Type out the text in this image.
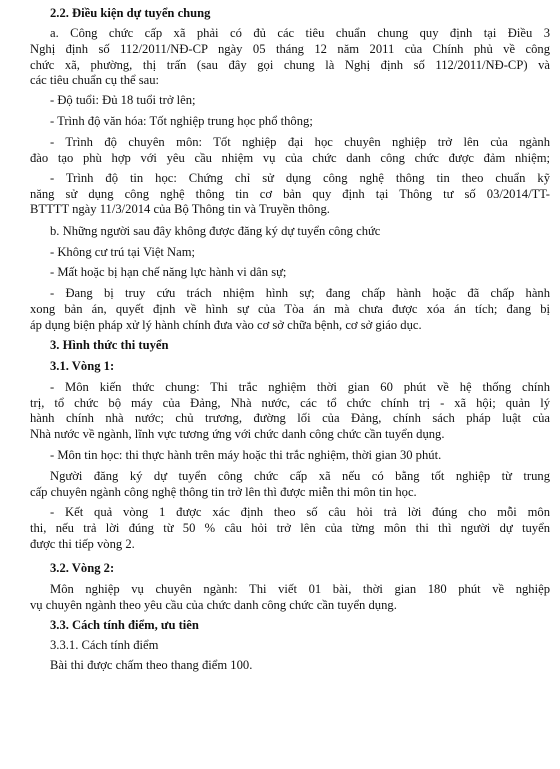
2.2. Điều kiện dự tuyển chung
a. Công chức cấp xã phải có đủ các tiêu chuẩn chung quy định tại Điều 3
Nghị định số 112/2011/NĐ-CP ngày 05 tháng 12 năm 2011 của Chính phủ về công
chức xã, phường, thị trấn (sau đây gọi chung là Nghị định số 112/2011/NĐ-CP) và
các tiêu chuẩn cụ thể sau:
- Độ tuổi: Đủ 18 tuổi trở lên;
- Trình độ văn hóa: Tốt nghiệp trung học phổ thông;
- Trình độ chuyên môn: Tốt nghiệp đại học chuyên nghiệp trở lên của ngành
đào tạo phù hợp với yêu cầu nhiệm vụ của chức danh công chức được đảm nhiệm;
- Trình độ tin học: Chứng chỉ sử dụng công nghệ thông tin theo chuẩn kỹ
năng sử dụng công nghệ thông tin cơ bản quy định tại Thông tư số 03/2014/TT-
BTTTT ngày 11/3/2014 của Bộ Thông tin và Truyền thông.
b. Những người sau đây không được đăng ký dự tuyển công chức
- Không cư trú tại Việt Nam;
- Mất hoặc bị hạn chế năng lực hành vi dân sự;
- Đang bị truy cứu trách nhiệm hình sự; đang chấp hành hoặc đã chấp hành
xong bản án, quyết định về hình sự của Tòa án mà chưa được xóa án tích; đang bị
áp dụng biện pháp xử lý hành chính đưa vào cơ sở chữa bệnh, cơ sở giáo dục.
3. Hình thức thi tuyển
3.1. Vòng 1:
- Môn kiến thức chung: Thi trắc nghiệm thời gian 60 phút về hệ thống chính
trị, tổ chức bộ máy của Đảng, Nhà nước, các tổ chức chính trị - xã hội; quản lý
hành chính nhà nước; chủ trương, đường lối của Đảng, chính sách pháp luật của
Nhà nước về ngành, lĩnh vực tương ứng với chức danh công chức cần tuyển dụng.
- Môn tin học: thi thực hành trên máy hoặc thi trắc nghiệm, thời gian 30 phút.
Người đăng ký dự tuyển công chức cấp xã nếu có bằng tốt nghiệp từ trung
cấp chuyên ngành công nghệ thông tin trở lên thì được miễn thi môn tin học.
- Kết quả vòng 1 được xác định theo số câu hỏi trả lời đúng cho mỗi môn
thi, nếu trả lời đúng từ 50 % câu hỏi trở lên của từng môn thi thì người dự tuyển
được thi tiếp vòng 2.
3.2. Vòng 2:
Môn nghiệp vụ chuyên ngành: Thi viết 01 bài, thời gian 180 phút về nghiệp
vụ chuyên ngành theo yêu cầu của chức danh công chức cần tuyển dụng.
3.3. Cách tính điểm, ưu tiên
3.3.1. Cách tính điểm
Bài thi được chấm theo thang điểm 100.
